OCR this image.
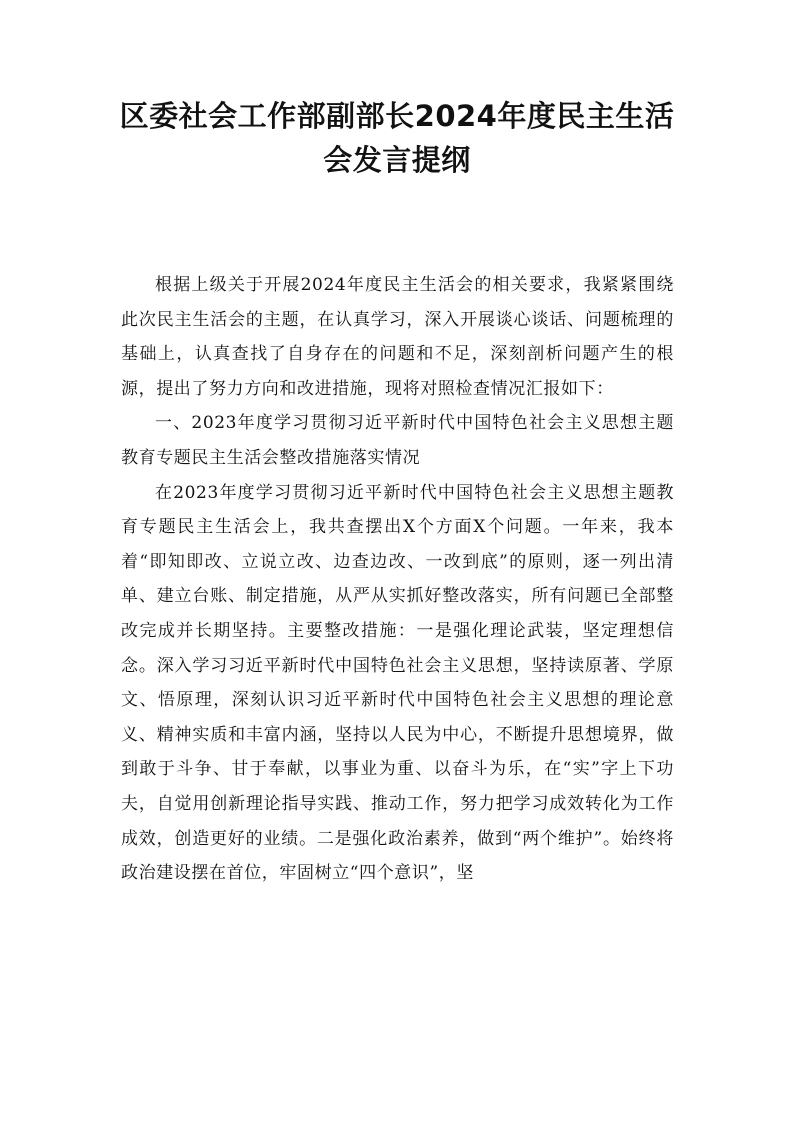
区委社会工作部副部长2024年度民主生活会发言提纲

根据上级关于开展2024年度民主生活会的相关要求，我紧紧围绕此次民主生活会的主题，在认真学习，深入开展谈心谈话、问题梳理的基础上，认真查找了自身存在的问题和不足，深刻剖析问题产生的根源，提出了努力方向和改进措施，现将对照检查情况汇报如下：

一、2023年度学习贯彻习近平新时代中国特色社会主义思想主题教育专题民主生活会整改措施落实情况

在2023年度学习贯彻习近平新时代中国特色社会主义思想主题教育专题民主生活会上，我共查摆出X个方面X个问题。一年来，我本着“即知即改、立说立改、边查边改、一改到底”的原则，逐一列出清单、建立台账、制定措施，从严从实抓好整改落实，所有问题已全部整改完成并长期坚持。主要整改措施：一是强化理论武装，坚定理想信念。深入学习习近平新时代中国特色社会主义思想，坚持读原著、学原文、悟原理，深刻认识习近平新时代中国特色社会主义思想的理论意义、精神实质和丰富内涵，坚持以人民为中心，不断提升思想境界，做到敢于斗争、甘于奉献，以事业为重、以奋斗为乐，在“实”字上下功夫，自觉用创新理论指导实践、推动工作，努力把学习成效转化为工作成效，创造更好的业绩。二是强化政治素养，做到“两个维护”。始终将政治建设摆在首位，牢固树立“四个意识”，坚
